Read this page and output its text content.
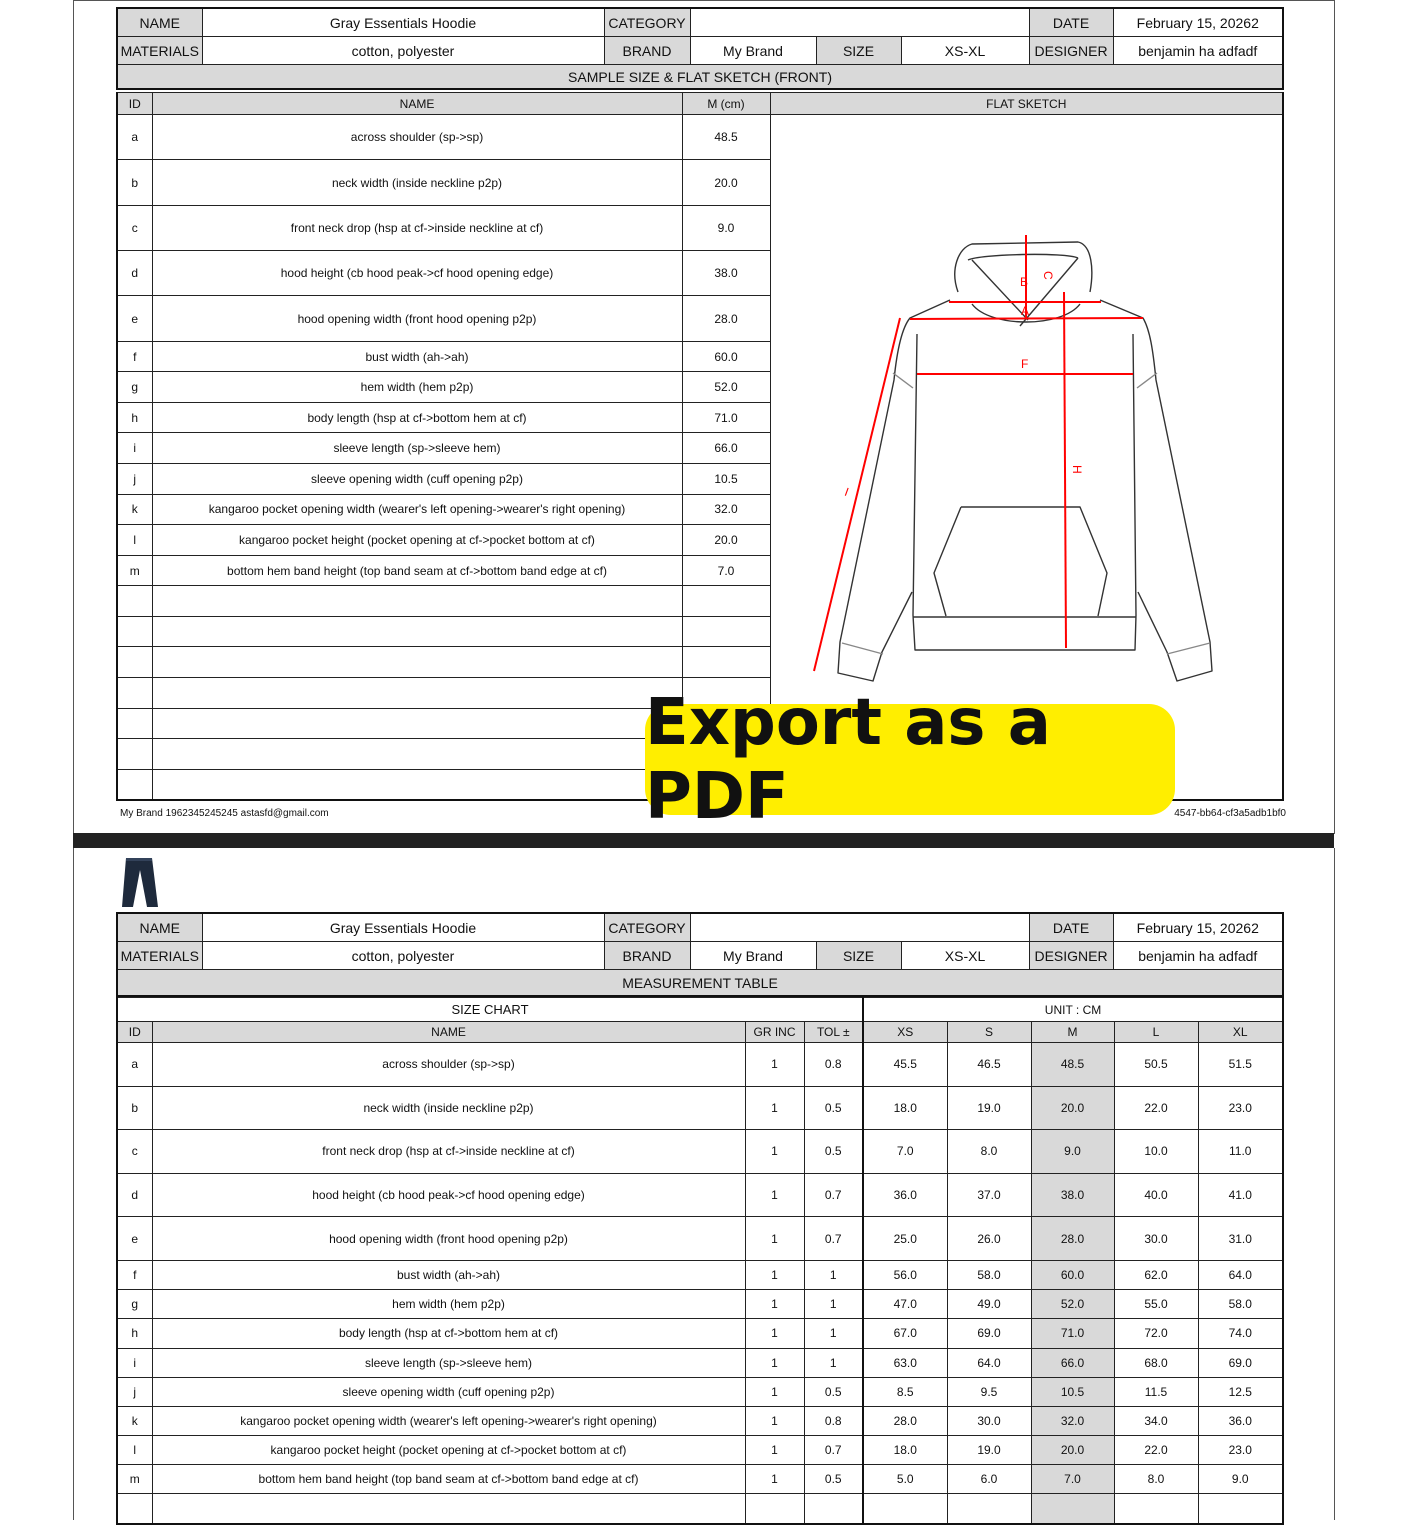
NAME	Gray Essentials Hoodie	CATEGORY				DATE	February 15, 20262
MATERIALS	cotton, polyester	BRAND	My Brand	SIZE	XS-XL	DESIGNER	benjamin ha adfadf
SAMPLE SIZE & FLAT SKETCH (FRONT)							
ID	NAME	M (cm)	FLAT SKETCH
a	across shoulder (sp->sp)	48.5	
b	neck width (inside neckline p2p)	20.0	
c	front neck drop (hsp at cf->inside neckline at cf)	9.0	
d	hood height (cb hood peak->cf hood opening edge)	38.0	
e	hood opening width (front hood opening p2p)	28.0	
f	bust width (ah->ah)	60.0	
g	hem width (hem p2p)	52.0	
h	body length (hsp at cf->bottom hem at cf)	71.0	
i	sleeve length (sp->sleeve hem)	66.0	
j	sleeve opening width (cuff opening p2p)	10.5	
k	kangaroo pocket opening width (wearer's left opening->wearer's right opening)	32.0	
l	kangaroo pocket height (pocket opening at cf->pocket bottom at cf)	20.0	
m	bottom hem band height (top band seam at cf->bottom band edge at cf)	7.0	

B C
A
F
H
I
My Brand 1962345245245 astasfd@gmail.com	4547-bb64-cf3a5adb1bf0
Export as a PDF
NAME	Gray Essentials Hoodie	CATEGORY				DATE	February 15, 20262
MATERIALS	cotton, polyester	BRAND	My Brand	SIZE	XS-XL	DESIGNER	benjamin ha adfadf
MEASUREMENT TABLE							
SIZE CHART				UNIT : CM				
ID	NAME	GR INC	TOL ±	XS	S	M	L	XL
a	across shoulder (sp->sp)	1	0.8	45.5	46.5	48.5	50.5	51.5
b	neck width (inside neckline p2p)	1	0.5	18.0	19.0	20.0	22.0	23.0
c	front neck drop (hsp at cf->inside neckline at cf)	1	0.5	7.0	8.0	9.0	10.0	11.0
d	hood height (cb hood peak->cf hood opening edge)	1	0.7	36.0	37.0	38.0	40.0	41.0
e	hood opening width (front hood opening p2p)	1	0.7	25.0	26.0	28.0	30.0	31.0
f	bust width (ah->ah)	1	1	56.0	58.0	60.0	62.0	64.0
g	hem width (hem p2p)	1	1	47.0	49.0	52.0	55.0	58.0
h	body length (hsp at cf->bottom hem at cf)	1	1	67.0	69.0	71.0	72.0	74.0
i	sleeve length (sp->sleeve hem)	1	1	63.0	64.0	66.0	68.0	69.0
j	sleeve opening width (cuff opening p2p)	1	0.5	8.5	9.5	10.5	11.5	12.5
k	kangaroo pocket opening width (wearer's left opening->wearer's right opening)	1	0.8	28.0	30.0	32.0	34.0	36.0
l	kangaroo pocket height (pocket opening at cf->pocket bottom at cf)	1	0.7	18.0	19.0	20.0	22.0	23.0
m	bottom hem band height (top band seam at cf->bottom band edge at cf)	1	0.5	5.0	6.0	7.0	8.0	9.0
